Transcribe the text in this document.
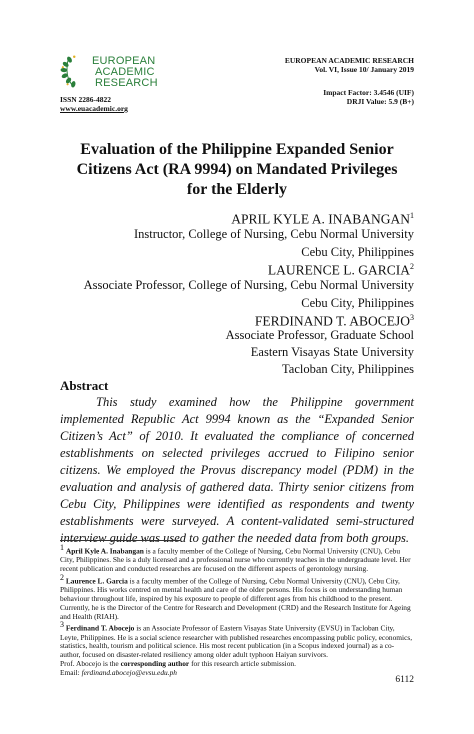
EUROPEAN
ACADEMIC
RESEARCH
ISSN 2286-4822
www.euacademic.org
EUROPEAN ACADEMIC RESEARCH
Vol. VI, Issue 10/ January 2019
Impact Factor: 3.4546 (UIF)
DRJI Value: 5.9 (B+)
Evaluation of the Philippine Expanded Senior Citizens Act (RA 9994) on Mandated Privileges for the Elderly
APRIL KYLE A. INABANGAN$^1$
Instructor, College of Nursing, Cebu Normal University
Cebu City, Philippines
LAURENCE L. GARCIA$^2$
Associate Professor, College of Nursing, Cebu Normal University
Cebu City, Philippines
FERDINAND T. ABOCEJO$^3$
Associate Professor, Graduate School
Eastern Visayas State University
Tacloban City, Philippines
Abstract
This study examined how the Philippine government implemented Republic Act 9994 known as the “Expanded Senior Citizen’s Act” of 2010. It evaluated the compliance of concerned establishments on selected privileges accrued to Filipino senior citizens. We employed the Provus discrepancy model (PDM) in the evaluation and analysis of gathered data. Thirty senior citizens from Cebu City, Philippines were identified as respondents and twenty establishments were surveyed. A content-validated semi-structured interview guide was used to gather the needed data from both groups.

$^1$ April Kyle A. Inabangan is a faculty member of the College of Nursing, Cebu Normal University (CNU), Cebu City, Philippines. She is a duly licensed and a professional nurse who currently teaches in the undergraduate level. Her recent publication and conducted researches are focused on the different aspects of gerontology nursing.

$^2$ Laurence L. Garcia is a faculty member of the College of Nursing, Cebu Normal University (CNU), Cebu City, Philippines. His works centred on mental health and care of the older persons. His focus is on understanding human behaviour throughout life, inspired by his exposure to people of different ages from his childhood to the present. Currently, he is the Director of the Centre for Research and Development (CRD) and the Research Institute for Ageing and Health (RIAH).

$^3$ Ferdinand T. Abocejo is an Associate Professor of Eastern Visayas State University (EVSU) in Tacloban City, Leyte, Philippines. He is a social science researcher with published researches encompassing public policy, economics, statistics, health, tourism and political science. His most recent publication (in a Scopus indexed journal) as a co-author, focused on disaster-related resiliency among older adult typhoon Haiyan survivors.

Prof. Abocejo is the corresponding author for this research article submission.

Email: ferdinand.abocejo@evsu.edu.ph

6112
